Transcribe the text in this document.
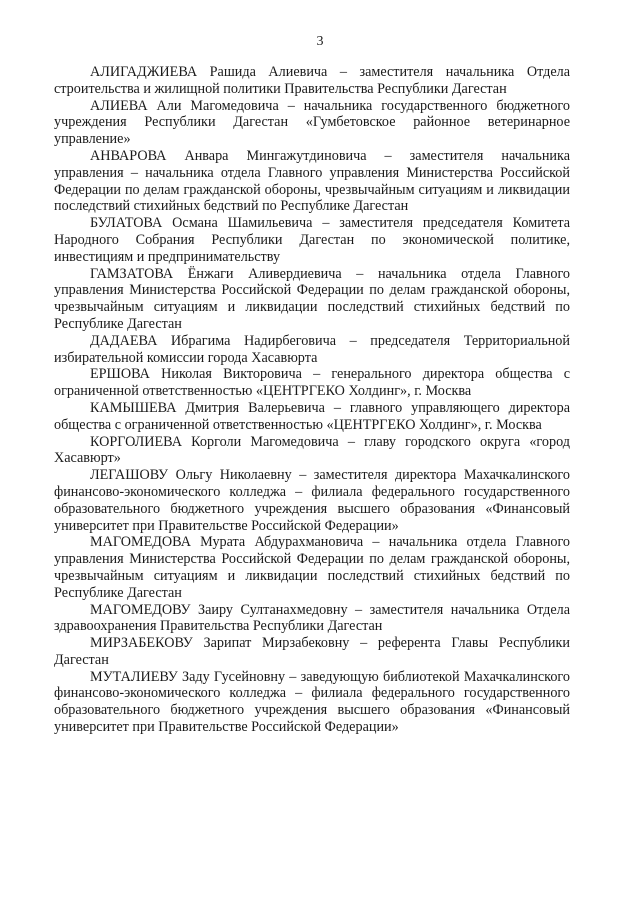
3

АЛИГАДЖИЕВА Рашида Алиевича – заместителя начальника Отдела строительства и жилищной политики Правительства Республики Дагестан

АЛИЕВА Али Магомедовича – начальника государственного бюджетного учреждения Республики Дагестан «Гумбетовское районное ветеринарное управление»

АНВАРОВА Анвара Мингажутдиновича – заместителя начальника управления – начальника отдела Главного управления Министерства Российской Федерации по делам гражданской обороны, чрезвычайным ситуациям и ликвидации последствий стихийных бедствий по Республике Дагестан

БУЛАТОВА Османа Шамильевича – заместителя председателя Комитета Народного Собрания Республики Дагестан по экономической политике, инвестициям и предпринимательству

ГАМЗАТОВА Ёнжаги Аливердиевича – начальника отдела Главного управления Министерства Российской Федерации по делам гражданской обороны, чрезвычайным ситуациям и ликвидации последствий стихийных бедствий по Республике Дагестан

ДАДАЕВА Ибрагима Надирбеговича – председателя Территориальной избирательной комиссии города Хасавюрта

ЕРШОВА Николая Викторовича – генерального директора общества с ограниченной ответственностью «ЦЕНТРГЕКО Холдинг», г. Москва

КАМЫШЕВА Дмитрия Валерьевича – главного управляющего директора общества с ограниченной ответственностью «ЦЕНТРГЕКО Холдинг», г. Москва

КОРГОЛИЕВА Корголи Магомедовича – главу городского округа «город Хасавюрт»

ЛЕГАШОВУ Ольгу Николаевну – заместителя директора Махачкалинского финансово-экономического колледжа – филиала федерального государственного образовательного бюджетного учреждения высшего образования «Финансовый университет при Правительстве Российской Федерации»

МАГОМЕДОВА Мурата Абдурахмановича – начальника отдела Главного управления Министерства Российской Федерации по делам гражданской обороны, чрезвычайным ситуациям и ликвидации последствий стихийных бедствий по Республике Дагестан

МАГОМЕДОВУ Заиру Султанахмедовну – заместителя начальника Отдела здравоохранения Правительства Республики Дагестан

МИРЗАБЕКОВУ Зарипат Мирзабековну – референта Главы Республики Дагестан

МУТАЛИЕВУ Заду Гусейновну – заведующую библиотекой Махачкалинского финансово-экономического колледжа – филиала федерального государственного образовательного бюджетного учреждения высшего образования «Финансовый университет при Правительстве Российской Федерации»
